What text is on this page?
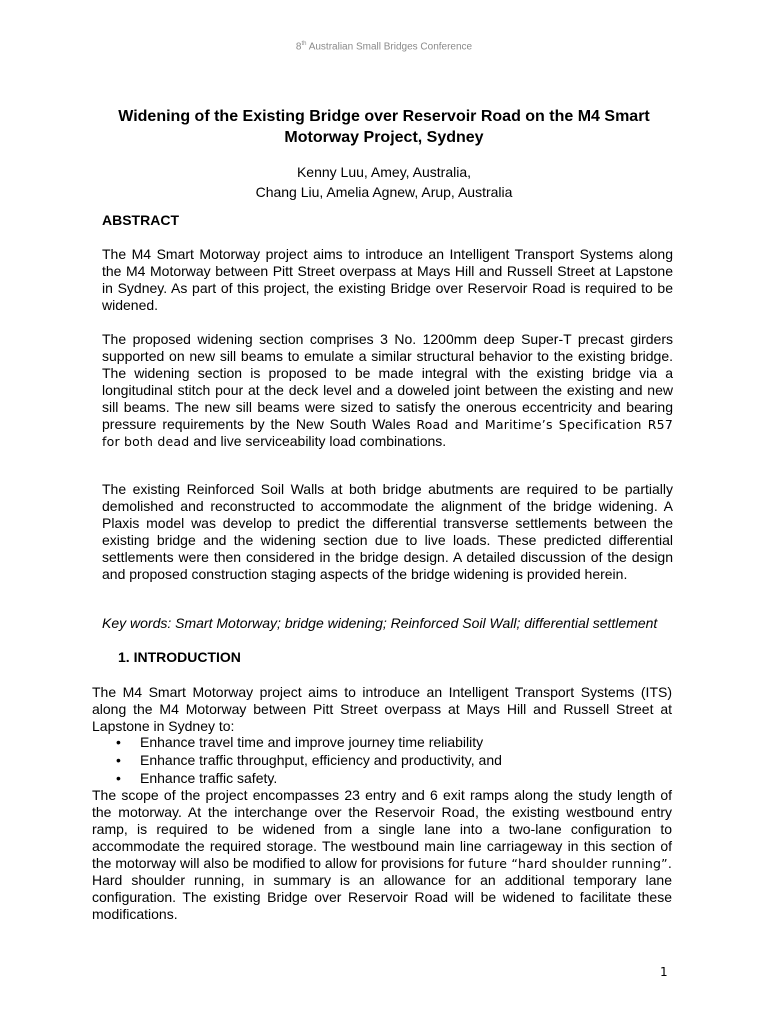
8th Australian Small Bridges Conference
Widening of the Existing Bridge over Reservoir Road on the M4 Smart Motorway Project, Sydney
Kenny Luu, Amey, Australia,
Chang Liu, Amelia Agnew, Arup, Australia
ABSTRACT
The M4 Smart Motorway project aims to introduce an Intelligent Transport Systems along the M4 Motorway between Pitt Street overpass at Mays Hill and Russell Street at Lapstone in Sydney. As part of this project, the existing Bridge over Reservoir Road is required to be widened.
The proposed widening section comprises 3 No. 1200mm deep Super-T precast girders supported on new sill beams to emulate a similar structural behavior to the existing bridge. The widening section is proposed to be made integral with the existing bridge via a longitudinal stitch pour at the deck level and a doweled joint between the existing and new sill beams. The new sill beams were sized to satisfy the onerous eccentricity and bearing pressure requirements by the New South Wales Road and Maritime’s Specification R57 for both dead and live serviceability load combinations.
The existing Reinforced Soil Walls at both bridge abutments are required to be partially demolished and reconstructed to accommodate the alignment of the bridge widening. A Plaxis model was develop to predict the differential transverse settlements between the existing bridge and the widening section due to live loads. These predicted differential settlements were then considered in the bridge design. A detailed discussion of the design and proposed construction staging aspects of the bridge widening is provided herein.
Key words: Smart Motorway; bridge widening; Reinforced Soil Wall; differential settlement
1. INTRODUCTION
The M4 Smart Motorway project aims to introduce an Intelligent Transport Systems (ITS) along the M4 Motorway between Pitt Street overpass at Mays Hill and Russell Street at Lapstone in Sydney to:
• Enhance travel time and improve journey time reliability
• Enhance traffic throughput, efficiency and productivity, and
• Enhance traffic safety.
The scope of the project encompasses 23 entry and 6 exit ramps along the study length of the motorway. At the interchange over the Reservoir Road, the existing westbound entry ramp, is required to be widened from a single lane into a two-lane configuration to accommodate the required storage. The westbound main line carriageway in this section of the motorway will also be modified to allow for provisions for future “hard shoulder running”. Hard shoulder running, in summary is an allowance for an additional temporary lane configuration. The existing Bridge over Reservoir Road will be widened to facilitate these modifications.
1
